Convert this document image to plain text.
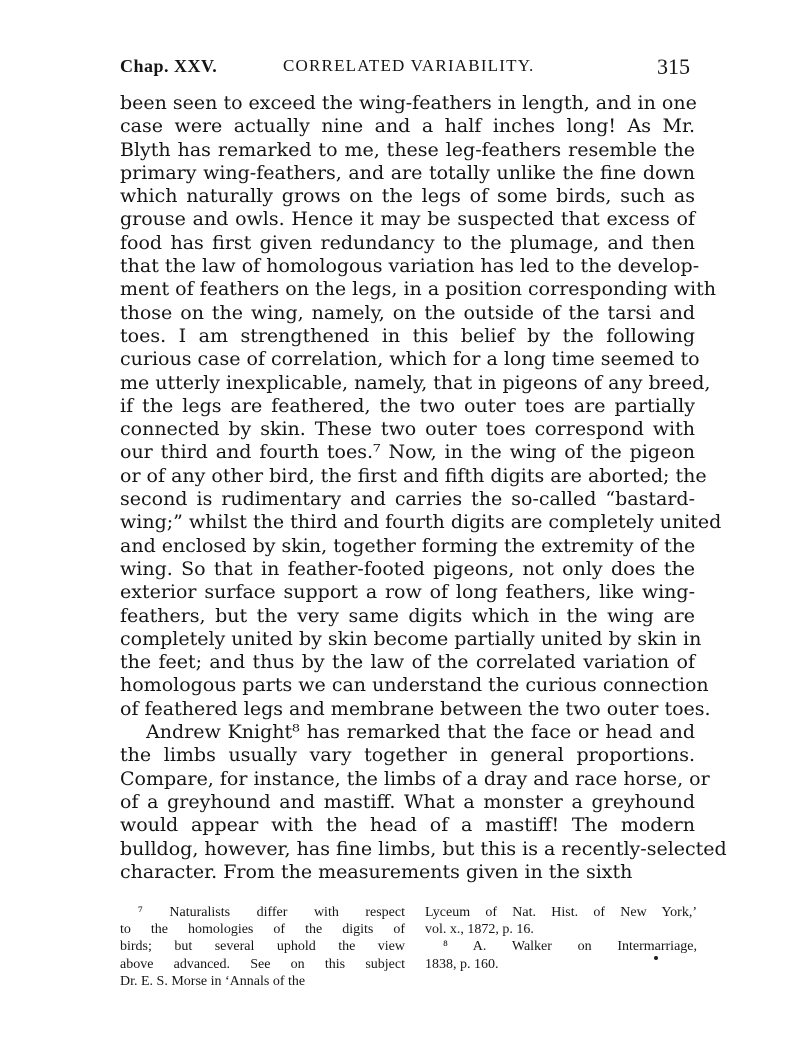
Chap. XXV.	CORRELATED VARIABILITY.	315
been seen to exceed the wing-feathers in length, and in one
case were actually nine and a half inches long! As Mr.
Blyth has remarked to me, these leg-feathers resemble the
primary wing-feathers, and are totally unlike the fine down
which naturally grows on the legs of some birds, such as
grouse and owls. Hence it may be suspected that excess of
food has first given redundancy to the plumage, and then
that the law of homologous variation has led to the develop-
ment of feathers on the legs, in a position corresponding with
those on the wing, namely, on the outside of the tarsi and
toes. I am strengthened in this belief by the following
curious case of correlation, which for a long time seemed to
me utterly inexplicable, namely, that in pigeons of any breed,
if the legs are feathered, the two outer toes are partially
connected by skin. These two outer toes correspond with
our third and fourth toes.⁷ Now, in the wing of the pigeon
or of any other bird, the first and fifth digits are aborted; the
second is rudimentary and carries the so-called “bastard-
wing;” whilst the third and fourth digits are completely united
and enclosed by skin, together forming the extremity of the
wing. So that in feather-footed pigeons, not only does the
exterior surface support a row of long feathers, like wing-
feathers, but the very same digits which in the wing are
completely united by skin become partially united by skin in
the feet; and thus by the law of the correlated variation of
homologous parts we can understand the curious connection
of feathered legs and membrane between the two outer toes.
Andrew Knight⁸ has remarked that the face or head and
the limbs usually vary together in general proportions.
Compare, for instance, the limbs of a dray and race horse, or
of a greyhound and mastiff. What a monster a greyhound
would appear with the head of a mastiff! The modern
bulldog, however, has fine limbs, but this is a recently-selected
character. From the measurements given in the sixth
⁷ Naturalists differ with respect
to the homologies of the digits of
birds; but several uphold the view
above advanced. See on this subject
Dr. E. S. Morse in ‘Annals of the
Lyceum of Nat. Hist. of New York,’
vol. x., 1872, p. 16.
⁸ A. Walker on Intermarriage,
1838, p. 160.
